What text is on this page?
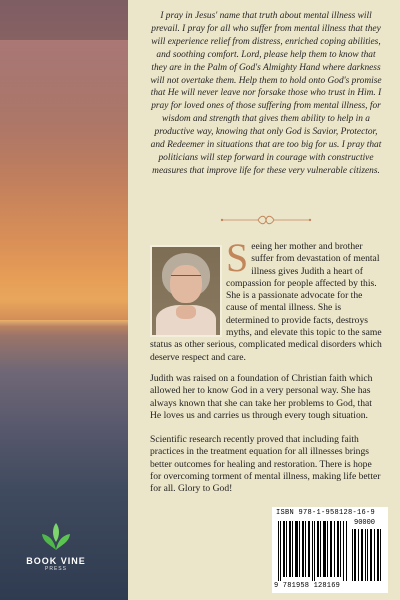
BOOK VINE
PRESS
I pray in Jesus' name that truth about mental illness will prevail. I pray for all who suffer from mental illness that they will experience relief from distress, enriched coping abilities, and soothing comfort. Lord, please help them to know that they are in the Palm of God's Almighty Hand where darkness will not overtake them. Help them to hold onto God's promise that He will never leave nor forsake those who trust in Him. I pray for loved ones of those suffering from mental illness, for wisdom and strength that gives them ability to help in a productive way, knowing that only God is Savior, Protector, and Redeemer in situations that are too big for us. I pray that politicians will step forward in courage with constructive measures that improve life for these very vulnerable citizens.
S eeing her mother and brother suffer from devastation of mental illness gives Judith a heart of compassion for people affected by this. She is a passionate advocate for the cause of mental illness. She is determined to provide facts, destroys myths, and elevate this topic to the same status as other serious, complicated medical disorders which deserve respect and care.
Judith was raised on a foundation of Christian faith which allowed her to know God in a very personal way. She has always known that she can take her problems to God, that He loves us and carries us through every tough situation.
Scientific research recently proved that including faith practices in the treatment equation for all illnesses brings better outcomes for healing and restoration. There is hope for overcoming torment of mental illness, making life better for all. Glory to God!
ISBN 978-1-958128-16-9
90000
9 781958 128169
